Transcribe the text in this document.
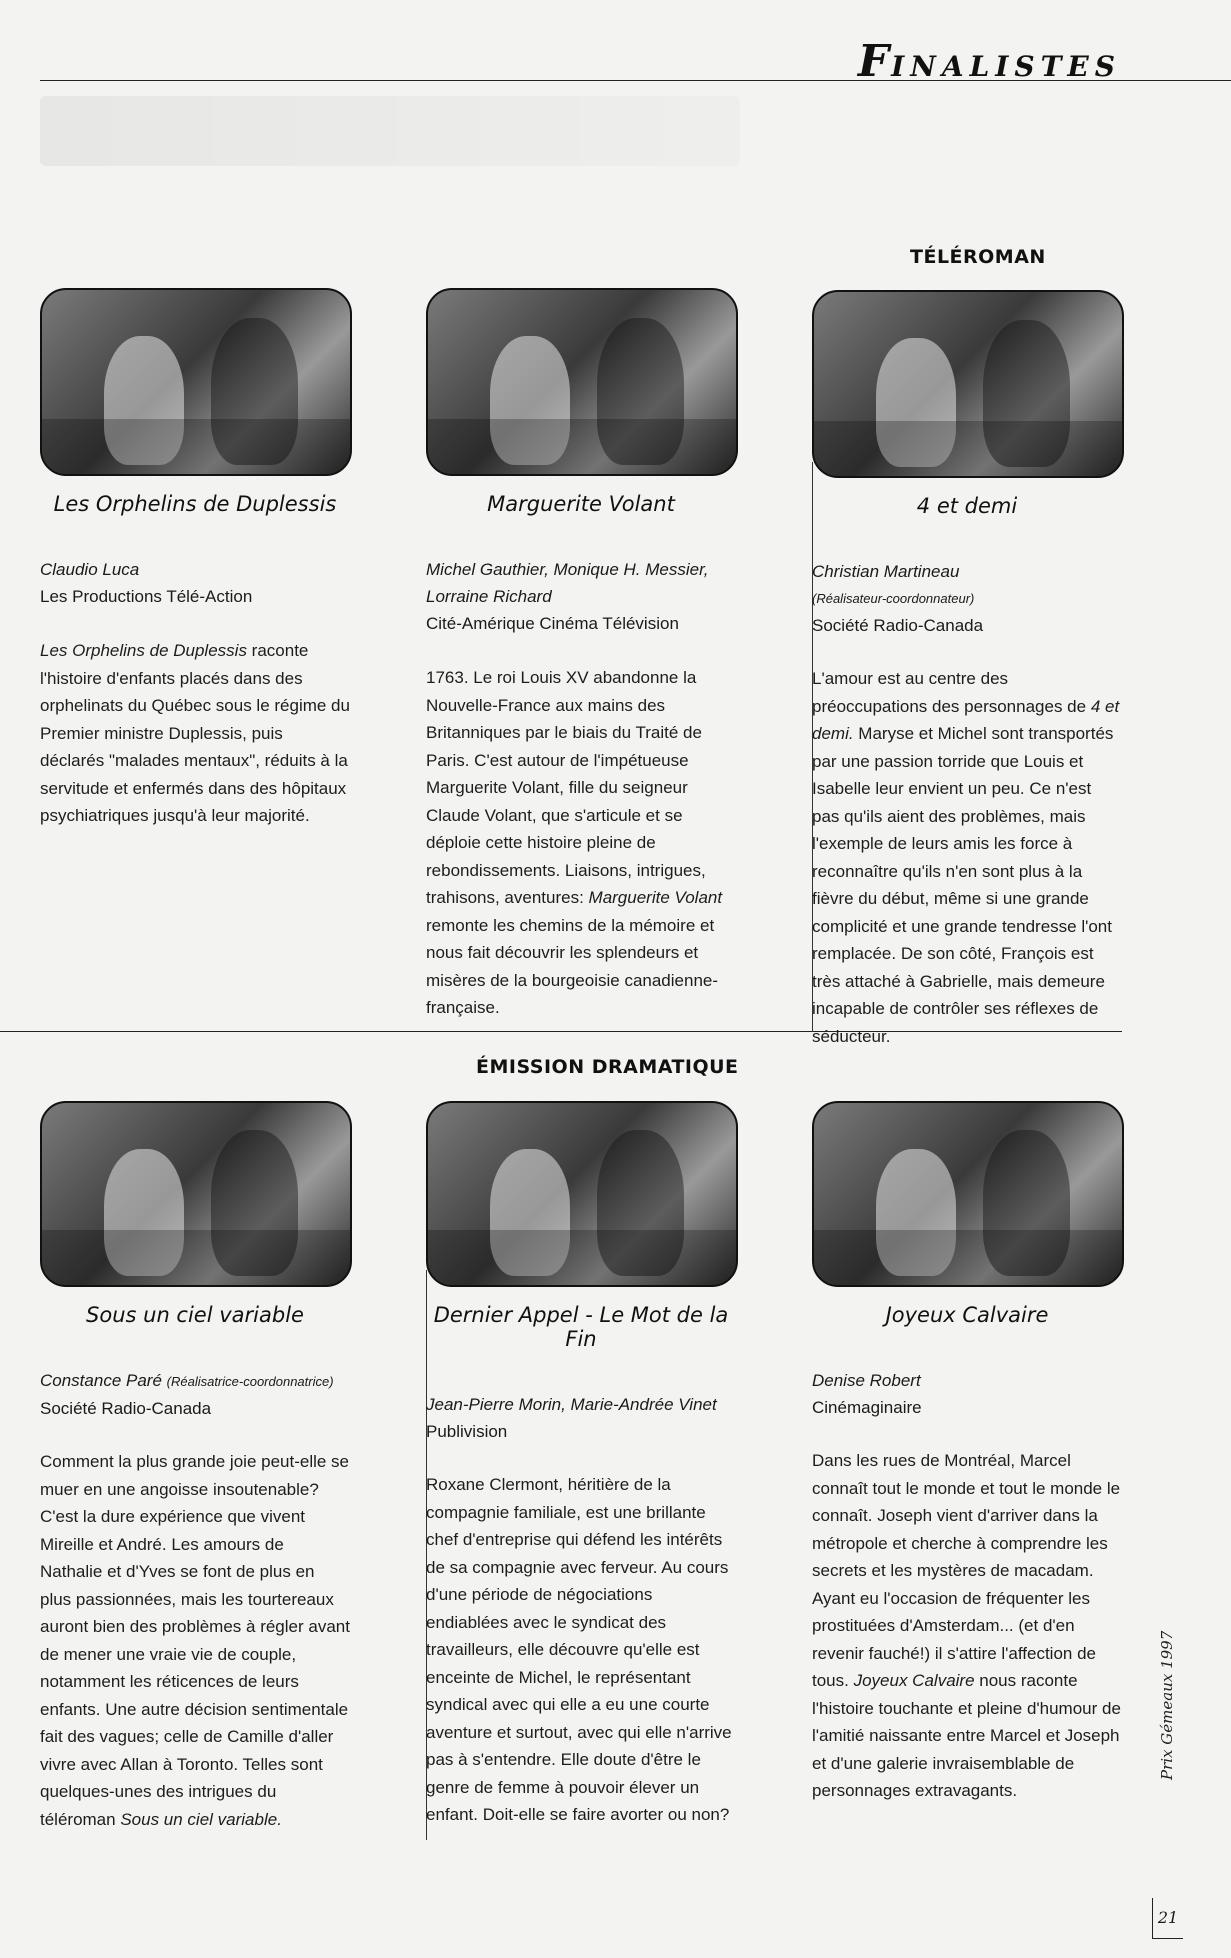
FINALISTES
TÉLÉROMAN
ÉMISSION DRAMATIQUE
Les Orphelins de Duplessis
Claudio Luca
Les Productions Télé-Action
Les Orphelins de Duplessis raconte l'histoire d'enfants placés dans des orphelinats du Québec sous le régime du Premier ministre Duplessis, puis déclarés "malades mentaux", réduits à la servitude et enfermés dans des hôpitaux psychiatriques jusqu'à leur majorité.
Marguerite Volant
Michel Gauthier, Monique H. Messier, Lorraine Richard
Cité-Amérique Cinéma Télévision
1763. Le roi Louis XV abandonne la Nouvelle-France aux mains des Britanniques par le biais du Traité de Paris. C'est autour de l'impétueuse Marguerite Volant, fille du seigneur Claude Volant, que s'articule et se déploie cette histoire pleine de rebondissements. Liaisons, intrigues, trahisons, aventures: Marguerite Volant remonte les chemins de la mémoire et nous fait découvrir les splendeurs et misères de la bourgeoisie canadienne-française.
4 et demi
Christian Martineau
(Réalisateur-coordonnateur)
Société Radio-Canada
L'amour est au centre des préoccupations des personnages de 4 et demi. Maryse et Michel sont transportés par une passion torride que Louis et Isabelle leur envient un peu. Ce n'est pas qu'ils aient des problèmes, mais l'exemple de leurs amis les force à reconnaître qu'ils n'en sont plus à la fièvre du début, même si une grande complicité et une grande tendresse l'ont remplacée. De son côté, François est très attaché à Gabrielle, mais demeure incapable de contrôler ses réflexes de séducteur.
Sous un ciel variable
Constance Paré (Réalisatrice-coordonnatrice)
Société Radio-Canada
Comment la plus grande joie peut-elle se muer en une angoisse insoutenable? C'est la dure expérience que vivent Mireille et André. Les amours de Nathalie et d'Yves se font de plus en plus passionnées, mais les tourtereaux auront bien des problèmes à régler avant de mener une vraie vie de couple, notamment les réticences de leurs enfants. Une autre décision sentimentale fait des vagues; celle de Camille d'aller vivre avec Allan à Toronto. Telles sont quelques-unes des intrigues du téléroman Sous un ciel variable.
Dernier Appel - Le Mot de la Fin
Jean-Pierre Morin, Marie-Andrée Vinet
Publivision
Roxane Clermont, héritière de la compagnie familiale, est une brillante chef d'entreprise qui défend les intérêts de sa compagnie avec ferveur. Au cours d'une période de négociations endiablées avec le syndicat des travailleurs, elle découvre qu'elle est enceinte de Michel, le représentant syndical avec qui elle a eu une courte aventure et surtout, avec qui elle n'arrive pas à s'entendre. Elle doute d'être le genre de femme à pouvoir élever un enfant. Doit-elle se faire avorter ou non?
Joyeux Calvaire
Denise Robert
Cinémaginaire
Dans les rues de Montréal, Marcel connaît tout le monde et tout le monde le connaît. Joseph vient d'arriver dans la métropole et cherche à comprendre les secrets et les mystères de macadam. Ayant eu l'occasion de fréquenter les prostituées d'Amsterdam... (et d'en revenir fauché!) il s'attire l'affection de tous. Joyeux Calvaire nous raconte l'histoire touchante et pleine d'humour de l'amitié naissante entre Marcel et Joseph et d'une galerie invraisemblable de personnages extravagants.
Prix Gémeaux 1997
21
